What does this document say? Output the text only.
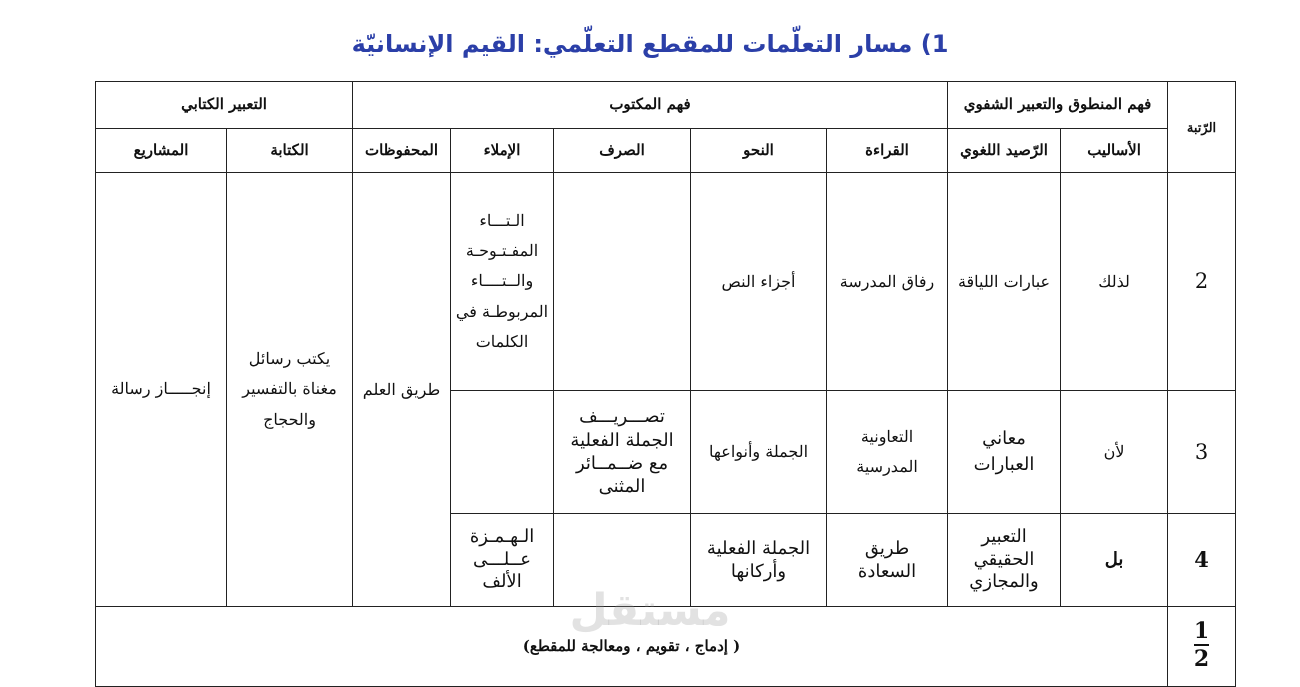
1) مسار التعلّمات للمقطع التعلّمي: القيم الإنسانيّة
الرّتبة	فهم المنطوق والتعبير الشفوي		فهم المكتوب					التعبير الكتابي	
	الأساليب	الرّصيد اللغوي	القراءة	النحو	الصرف	الإملاء	المحفوظات	الكتابة	المشاريع
2	لذلك	عبارات اللياقة	رفاق المدرسة	أجزاء النص		الـتـــاء المفـتـوحـة والــتــــاء المربوطـة في الكلمات	طريق العلم	يكتب رسائل مغناة بالتفسير والحجاج	إنجـــــاز رسالة
3	لأن	معاني العبارات	التعاونية المدرسية	الجملة وأنواعها	تصـــريـــف الجملة الفعلية مع ضــمــائر المثنى				
4	بل	التعبير الحقيقي والمجازي	طريق السعادة	الجملة الفعلية وأركانها		الـهـمـزة عــلـــى الألف			
$\frac{1}{2}$	( إدماج ، تقويم ، ومعالجة للمقطع)								
مستقل
